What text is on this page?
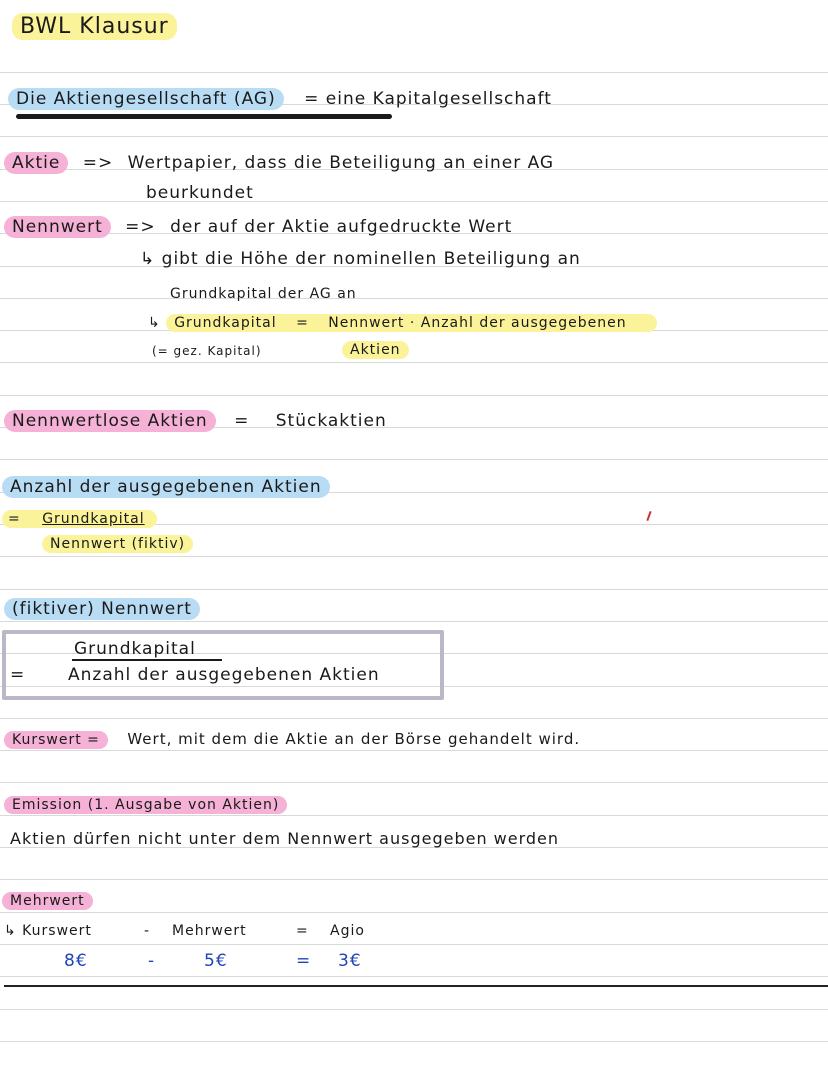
BWL Klausur
Die Aktiengesellschaft (AG) = eine Kapitalgesellschaft
Aktie => Wertpapier, dass die Beteiligung an einer AG
beurkundet
Nennwert => der auf der Aktie aufgedruckte Wert
↳ gibt die Höhe der nominellen Beteiligung an
Grundkapital der AG an
↳ Grundkapital = Nennwert · Anzahl der ausgegebenen
(= gez. Kapital)	Aktien
Nennwertlose Aktien = Stückaktien
Anzahl der ausgegebenen Aktien
= Grundkapital
Nennwert (fiktiv)
(fiktiver) Nennwert
Grundkapital
=	Anzahl der ausgegebenen Aktien
Kurswert = Wert, mit dem die Aktie an der Börse gehandelt wird.
Emission (1. Ausgabe von Aktien)
Aktien dürfen nicht unter dem Nennwert ausgegeben werden
Mehrwert
↳ Kurswert	- Mehrwert	= Agio
8€	-	5€	= 3€
